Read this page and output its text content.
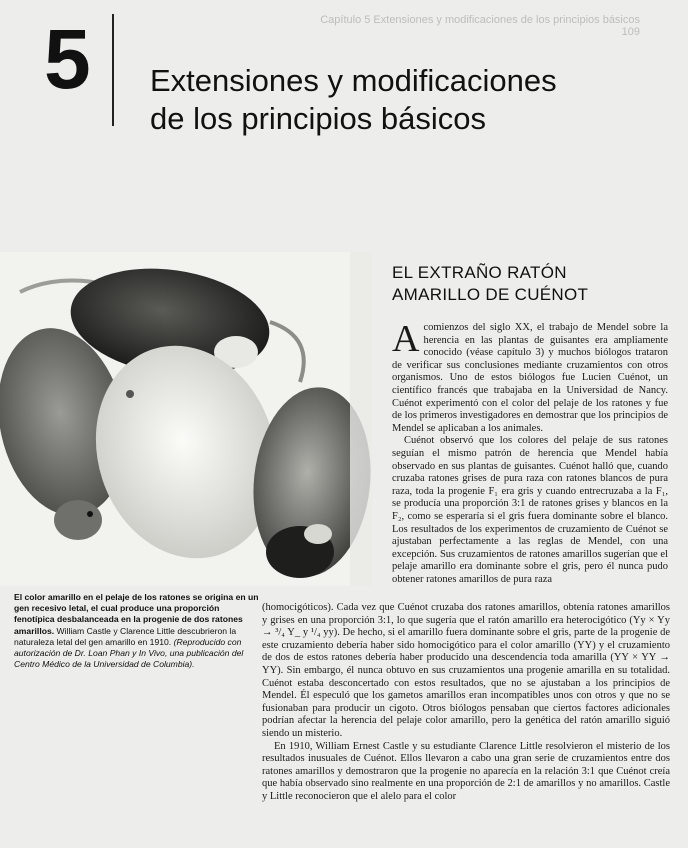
Capítulo 5 Extensiones y modificaciones de los principios básicos 109
5 Extensiones y modificaciones
de los principios básicos
El color amarillo en el pelaje de los ratones se origina en un gen recesivo letal, el cual produce una proporción fenotípica desbalanceada en la progenie de dos ratones amarillos. William Castle y Clarence Little descubrieron la naturaleza letal del gen amarillo en 1910. (Reproducido con autorización de Dr. Loan Phan y In Vivo, una publicación del Centro Médico de la Universidad de Columbia).
EL EXTRAÑO RATÓN
AMARILLO DE CUÉNOT

Acomienzos del siglo XX, el trabajo de Mendel sobre la herencia en las plantas de guisantes era ampliamente conocido (véase capítulo 3) y muchos biólogos trataron de verificar sus conclusiones mediante cruzamientos con otros organismos. Uno de estos biólogos fue Lucien Cuénot, un científico francés que trabajaba en la Universidad de Nancy. Cuénot experimentó con el color del pelaje de los ratones y fue de los primeros investigadores en demostrar que los principios de Mendel se aplicaban a los animales.

Cuénot observó que los colores del pelaje de sus ratones seguían el mismo patrón de herencia que Mendel había observado en sus plantas de guisantes. Cuénot halló que, cuando cruzaba ratones grises de pura raza con ratones blancos de pura raza, toda la progenie F₁ era gris y cuando entrecruzaba a la F₁, se producía una proporción 3:1 de ratones grises y blancos en la F₂, como se esperaría si el gris fuera dominante sobre el blanco. Los resultados de los experimentos de cruzamiento de Cuénot se ajustaban perfectamente a las reglas de Mendel, con una excepción. Sus cruzamientos de ratones amarillos sugerían que el pelaje amarillo era dominante sobre el gris, pero él nunca pudo obtener ratones amarillos de pura raza

(homocigóticos). Cada vez que Cuénot cruzaba dos ratones amarillos, obtenía ratones amarillos y grises en una proporción 3:1, lo que sugería que el ratón amarillo era heterocigótico (Yy × Yy → ³/₄ Y_ y ¹/₄ yy). De hecho, si el amarillo fuera dominante sobre el gris, parte de la progenie de este cruzamiento debería haber sido homocigótico para el color amarillo (YY) y el cruzamiento de dos de estos ratones debería haber producido una descendencia toda amarilla (YY × YY → YY). Sin embargo, él nunca obtuvo en sus cruzamientos una progenie amarilla en su totalidad. Cuénot estaba desconcertado con estos resultados, que no se ajustaban a los principios de Mendel. Él especuló que los gametos amarillos eran incompatibles unos con otros y que no se fusionaban para producir un cigoto. Otros biólogos pensaban que ciertos factores adicionales podrían afectar la herencia del pelaje color amarillo, pero la genética del ratón amarillo siguió siendo un misterio.

En 1910, William Ernest Castle y su estudiante Clarence Little resolvieron el misterio de los resultados inusuales de Cuénot. Ellos llevaron a cabo una gran serie de cruzamientos entre dos ratones amarillos y demostraron que la progenie no aparecía en la relación 3:1 que Cuénot creía que había observado sino realmente en una proporción de 2:1 de amarillos y no amarillos. Castle y Little reconocieron que el alelo para el color
